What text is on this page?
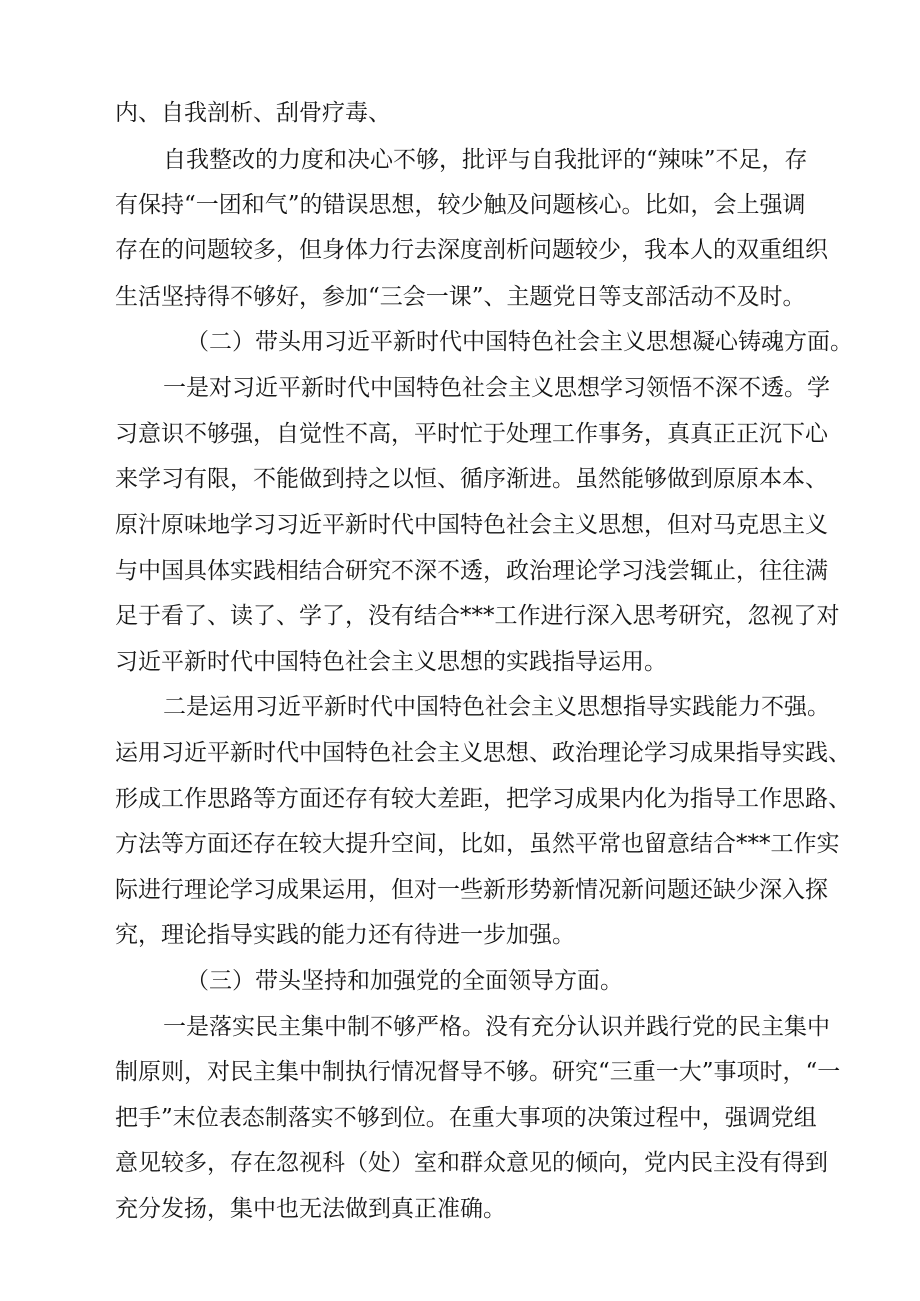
内、自我剖析、刮骨疗毒、

自我整改的力度和决心不够，批评与自我批评的“辣味”不足，存

有保持“一团和气”的错误思想，较少触及问题核心。比如，会上强调

存在的问题较多，但身体力行去深度剖析问题较少，我本人的双重组织

生活坚持得不够好，参加“三会一课”、主题党日等支部活动不及时。

（二）带头用习近平新时代中国特色社会主义思想凝心铸魂方面。

一是对习近平新时代中国特色社会主义思想学习领悟不深不透。学

习意识不够强，自觉性不高，平时忙于处理工作事务，真真正正沉下心

来学习有限，不能做到持之以恒、循序渐进。虽然能够做到原原本本、

原汁原味地学习习近平新时代中国特色社会主义思想，但对马克思主义

与中国具体实践相结合研究不深不透，政治理论学习浅尝辄止，往往满

足于看了、读了、学了，没有结合***工作进行深入思考研究，忽视了对

习近平新时代中国特色社会主义思想的实践指导运用。

二是运用习近平新时代中国特色社会主义思想指导实践能力不强。

运用习近平新时代中国特色社会主义思想、政治理论学习成果指导实践、

形成工作思路等方面还存有较大差距，把学习成果内化为指导工作思路、

方法等方面还存在较大提升空间，比如，虽然平常也留意结合***工作实

际进行理论学习成果运用，但对一些新形势新情况新问题还缺少深入探

究，理论指导实践的能力还有待进一步加强。

（三）带头坚持和加强党的全面领导方面。

一是落实民主集中制不够严格。没有充分认识并践行党的民主集中

制原则，对民主集中制执行情况督导不够。研究“三重一大”事项时，“一

把手”末位表态制落实不够到位。在重大事项的决策过程中，强调党组

意见较多，存在忽视科（处）室和群众意见的倾向，党内民主没有得到

充分发扬，集中也无法做到真正准确。
